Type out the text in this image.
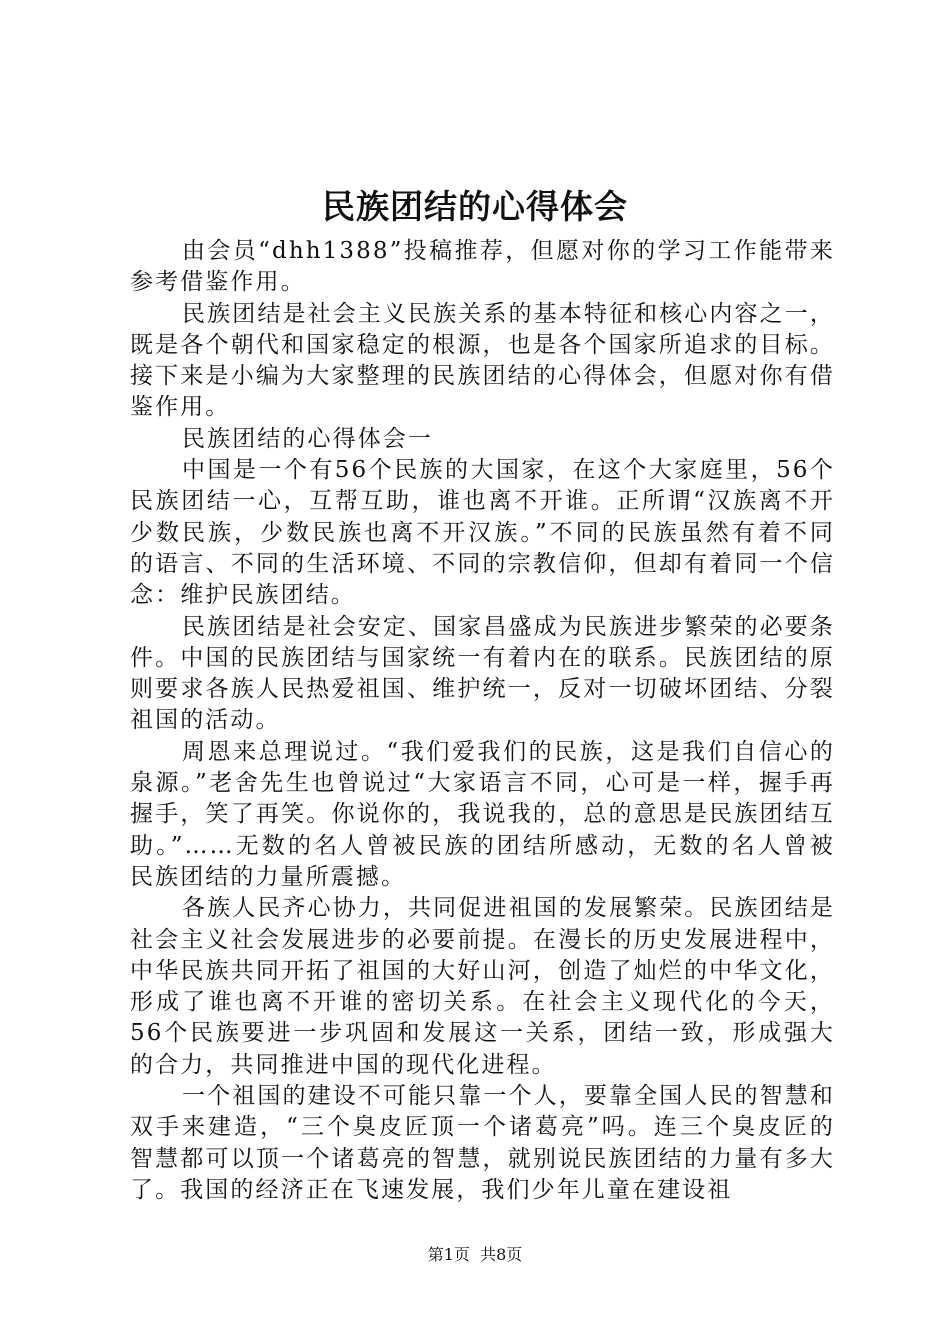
民族团结的心得体会

由会员“dhh1388”投稿推荐，但愿对你的学习工作能带来参考借鉴作用。

民族团结是社会主义民族关系的基本特征和核心内容之一，既是各个朝代和国家稳定的根源，也是各个国家所追求的目标。接下来是小编为大家整理的民族团结的心得体会，但愿对你有借鉴作用。

民族团结的心得体会一

中国是一个有56个民族的大国家，在这个大家庭里，56个民族团结一心，互帮互助，谁也离不开谁。正所谓“汉族离不开少数民族，少数民族也离不开汉族。”不同的民族虽然有着不同的语言、不同的生活环境、不同的宗教信仰，但却有着同一个信念：维护民族团结。

民族团结是社会安定、国家昌盛成为民族进步繁荣的必要条件。中国的民族团结与国家统一有着内在的联系。民族团结的原则要求各族人民热爱祖国、维护统一，反对一切破坏团结、分裂祖国的活动。

周恩来总理说过。“我们爱我们的民族，这是我们自信心的泉源。”老舍先生也曾说过“大家语言不同，心可是一样，握手再握手，笑了再笑。你说你的，我说我的，总的意思是民族团结互助。”……无数的名人曾被民族的团结所感动，无数的名人曾被民族团结的力量所震撼。

各族人民齐心协力，共同促进祖国的发展繁荣。民族团结是社会主义社会发展进步的必要前提。在漫长的历史发展进程中，中华民族共同开拓了祖国的大好山河，创造了灿烂的中华文化，形成了谁也离不开谁的密切关系。在社会主义现代化的今天，56个民族要进一步巩固和发展这一关系，团结一致，形成强大的合力，共同推进中国的现代化进程。

一个祖国的建设不可能只靠一个人，要靠全国人民的智慧和双手来建造，“三个臭皮匠顶一个诸葛亮”吗。连三个臭皮匠的智慧都可以顶一个诸葛亮的智慧，就别说民族团结的力量有多大了。我国的经济正在飞速发展，我们少年儿童在建设祖

第1页  共8页
